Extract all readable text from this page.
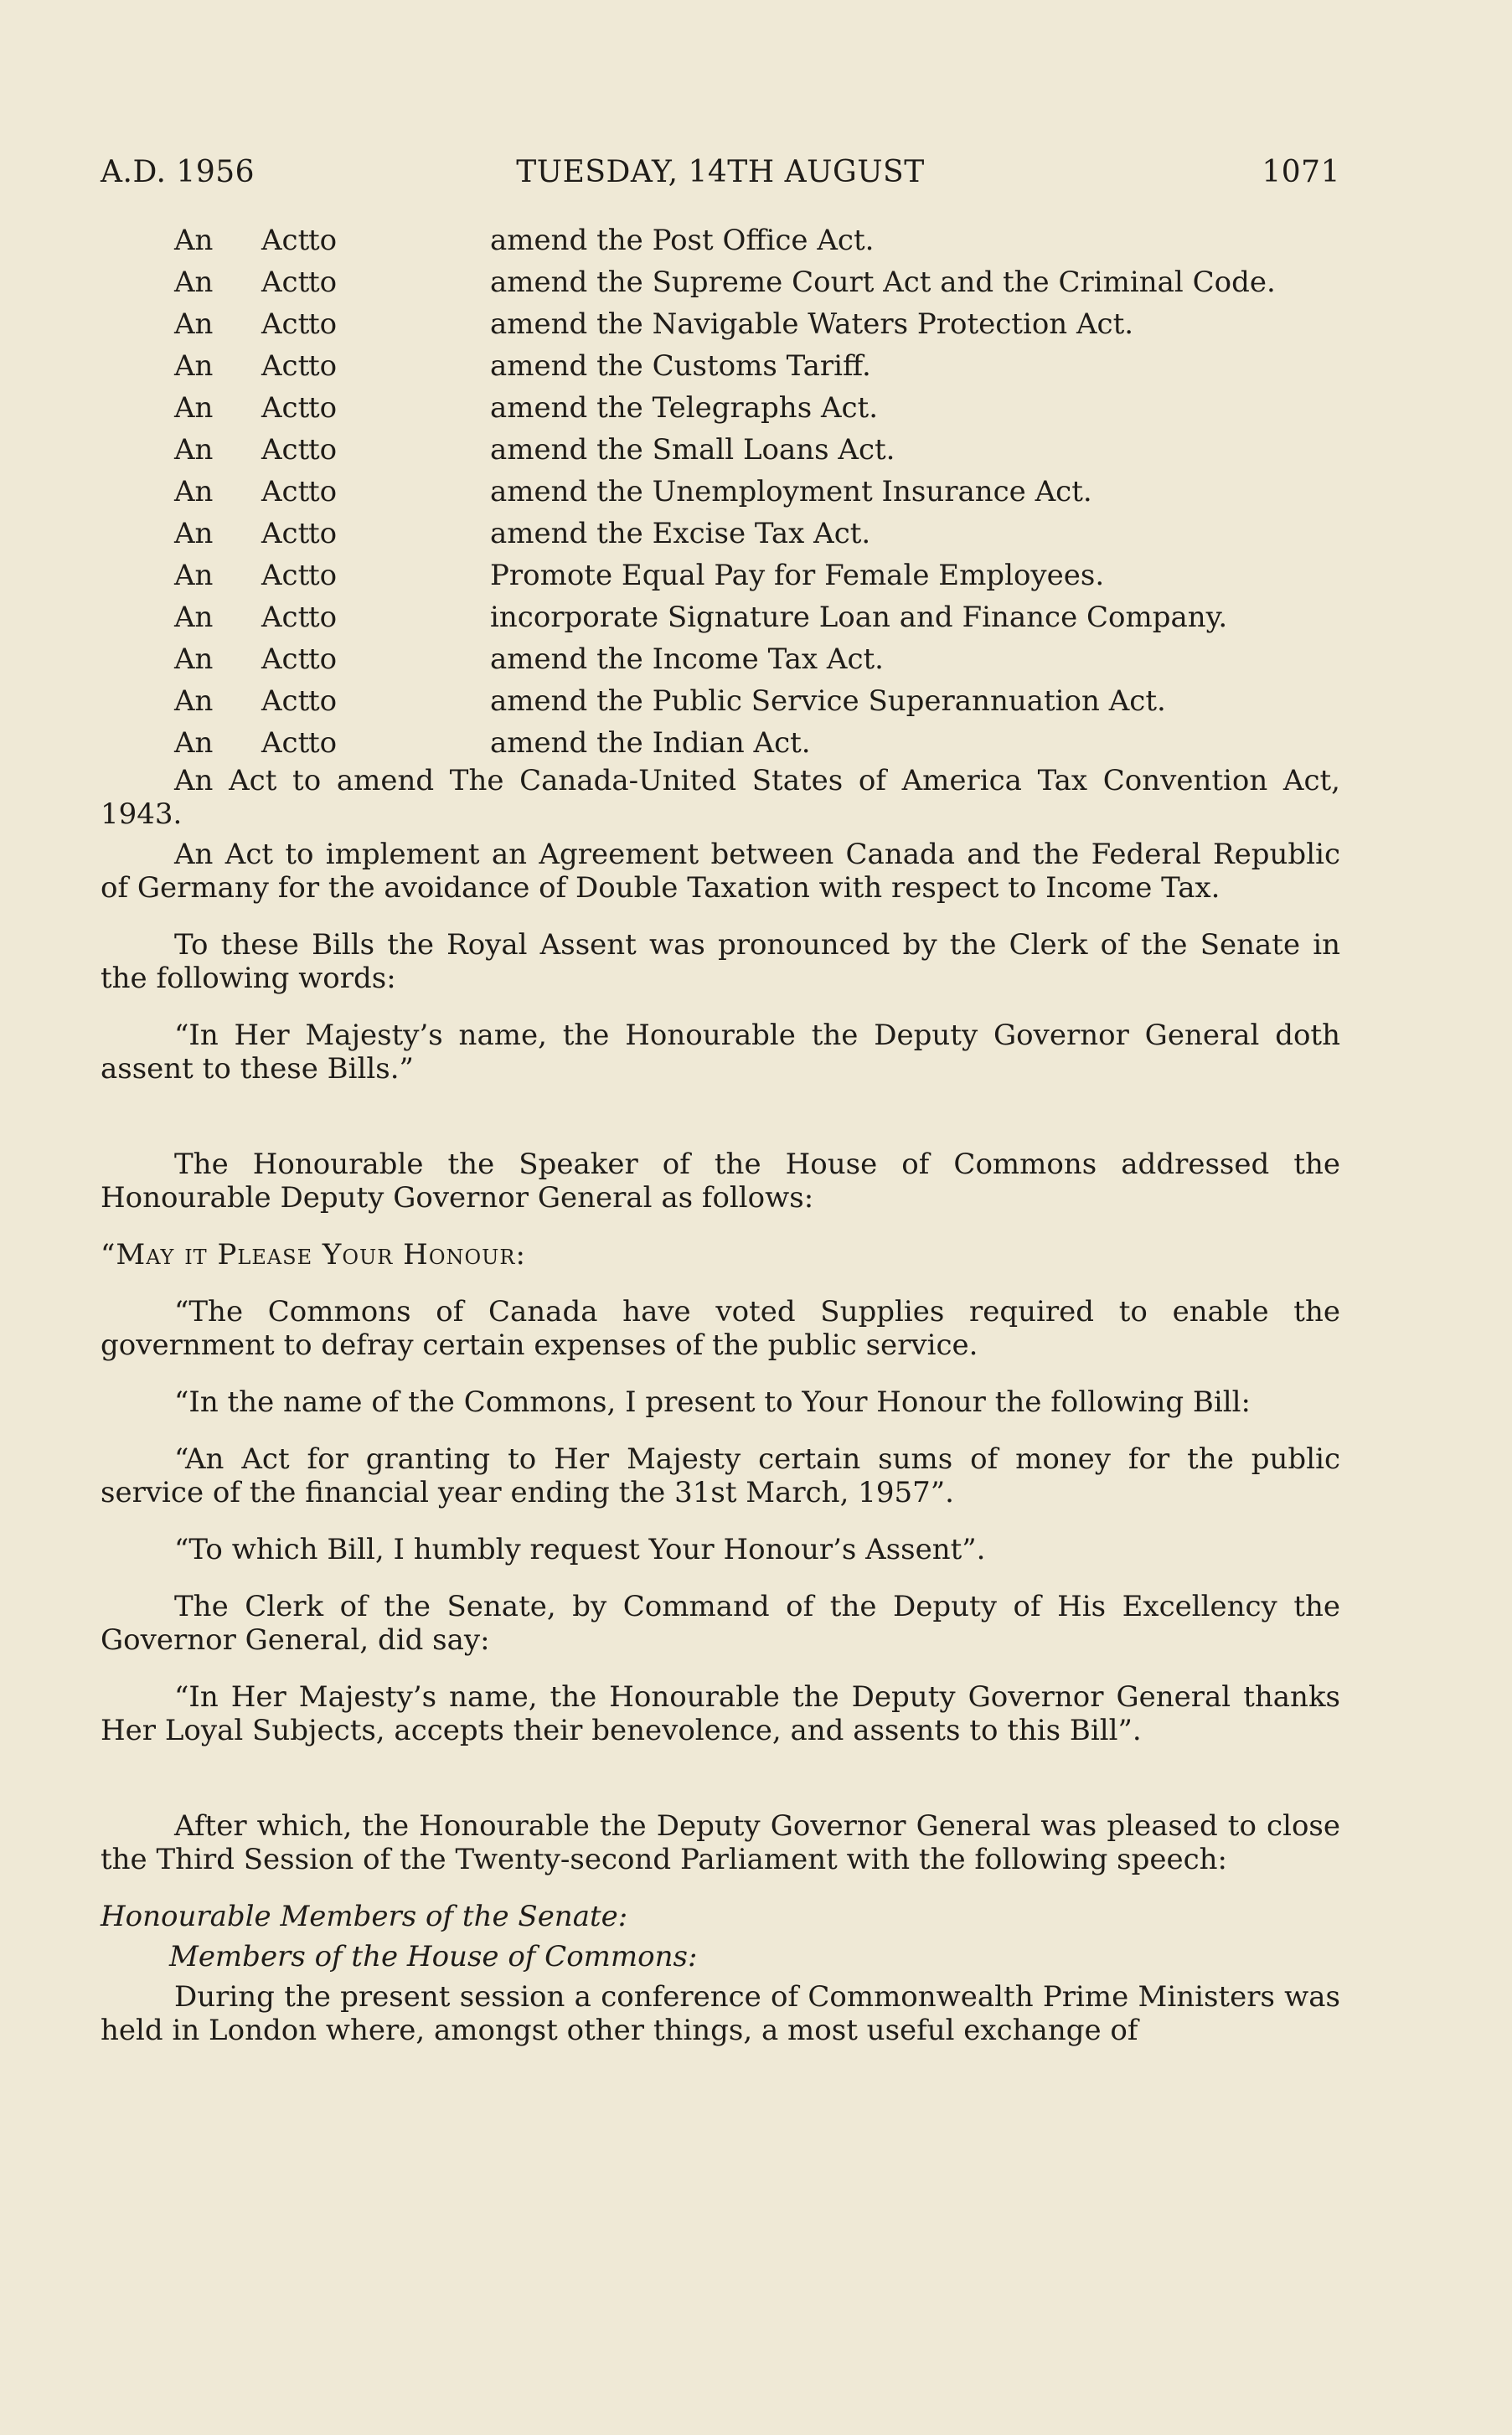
A.D. 1956	TUESDAY, 14TH AUGUST	1071
An Actto	amend the Post Office Act.
An Actto	amend the Supreme Court Act and the Criminal Code.
An Actto	amend the Navigable Waters Protection Act.
An Actto	amend the Customs Tariff.
An Actto	amend the Telegraphs Act.
An Actto	amend the Small Loans Act.
An Actto	amend the Unemployment Insurance Act.
An Actto	amend the Excise Tax Act.
An Actto	Promote Equal Pay for Female Employees.
An Actto	incorporate Signature Loan and Finance Company.
An Actto	amend the Income Tax Act.
An Actto	amend the Public Service Superannuation Act.
An Actto	amend the Indian Act.

An Act to amend The Canada-United States of America Tax Convention Act, 1943.

An Act to implement an Agreement between Canada and the Federal Republic of Germany for the avoidance of Double Taxation with respect to Income Tax.

To these Bills the Royal Assent was pronounced by the Clerk of the Senate in the following words:

“In Her Majesty’s name, the Honourable the Deputy Governor General doth assent to these Bills.”

The Honourable the Speaker of the House of Commons addressed the Honourable Deputy Governor General as follows:

“May it Please Your Honour:

“The Commons of Canada have voted Supplies required to enable the government to defray certain expenses of the public service.

“In the name of the Commons, I present to Your Honour the following Bill:

“An Act for granting to Her Majesty certain sums of money for the public service of the financial year ending the 31st March, 1957”.

“To which Bill, I humbly request Your Honour’s Assent”.

The Clerk of the Senate, by Command of the Deputy of His Excellency the Governor General, did say:

“In Her Majesty’s name, the Honourable the Deputy Governor General thanks Her Loyal Subjects, accepts their benevolence, and assents to this Bill”.

After which, the Honourable the Deputy Governor General was pleased to close the Third Session of the Twenty-second Parliament with the following speech:

Honourable Members of the Senate:

Members of the House of Commons:

During the present session a conference of Commonwealth Prime Ministers was held in London where, amongst other things, a most useful exchange of
